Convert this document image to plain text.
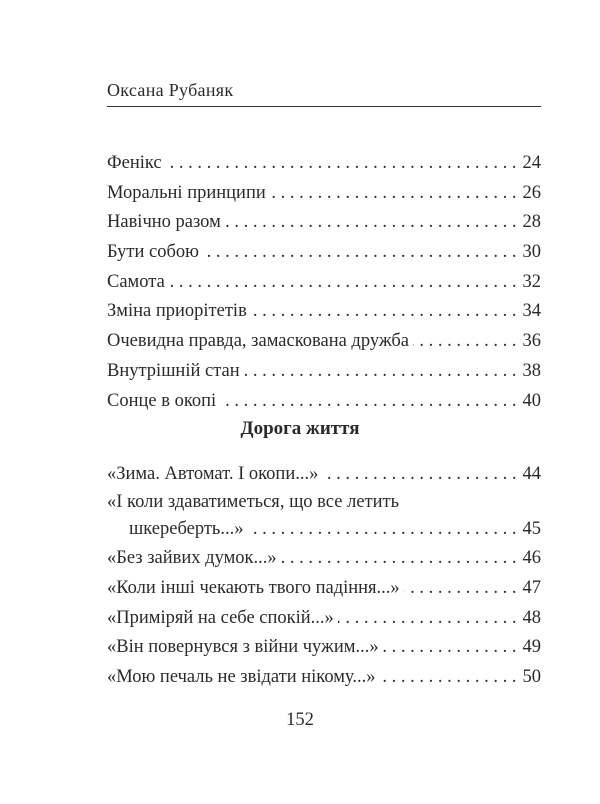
Оксана Рубаняк
Фенікс . . .	24
Моральні принципи . . .	26
Навічно разом . . .	28
Бути собою . . .	30
Самота . . .	32
Зміна приорітетів . . .	34
Очевидна правда, замаскована дружба . . .	36
Внутрішній стан . . .	38
Сонце в окопі . . .	40
Дорога життя
«Зима. Автомат. І окопи...» . . .	44
«І коли здаватиметься, що все летить
шкереберть...» . . .	45
«Без зайвих думок...» . . .	46
«Коли інші чекають твого падіння...» . . .	47
«Приміряй на себе спокій...» . . .	48
«Він повернувся з війни чужим...» . . .	49
«Мою печаль не звідати нікому...» . . .	50
152
